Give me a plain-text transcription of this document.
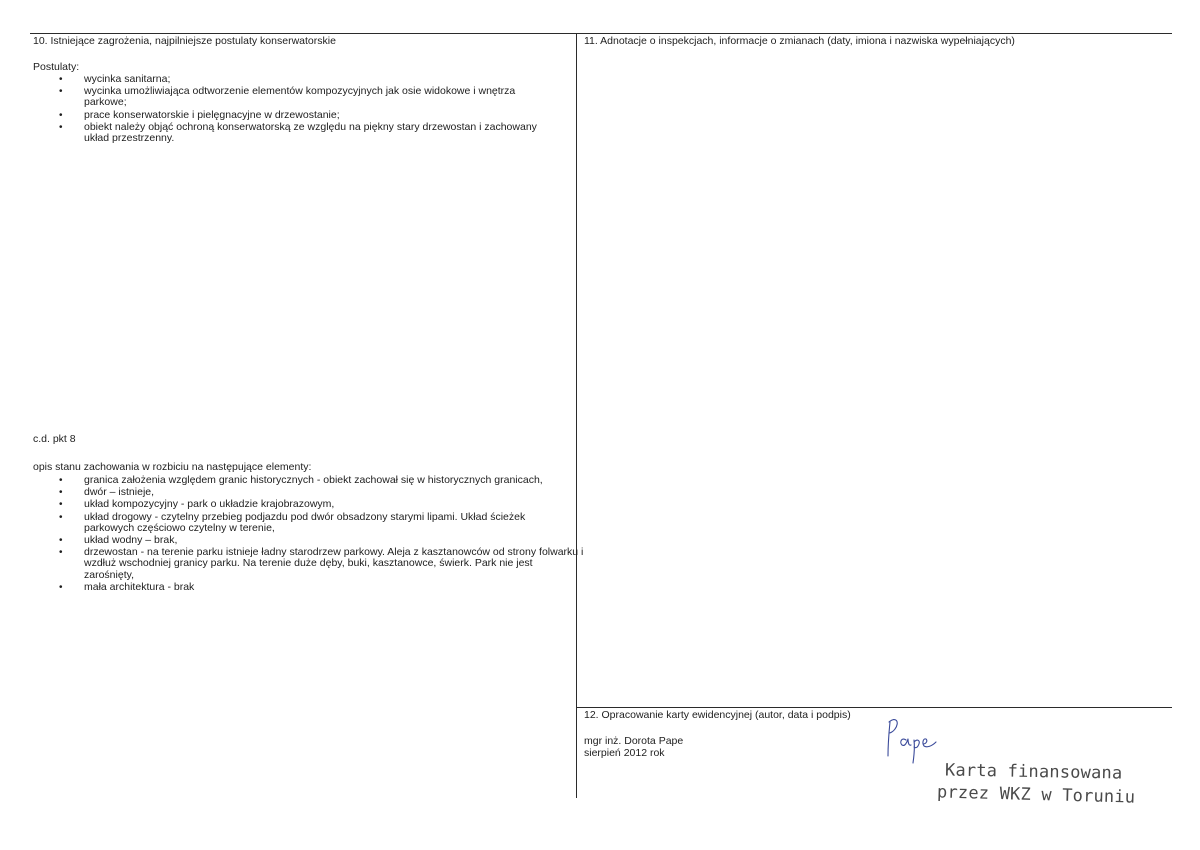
10. Istniejące zagrożenia, najpilniejsze postulaty konserwatorskie
Postulaty:
• wycinka sanitarna;
• wycinka umożliwiająca odtworzenie elementów kompozycyjnych jak osie widokowe i wnętrza parkowe;
• prace konserwatorskie i pielęgnacyjne w drzewostanie;
• obiekt należy objąć ochroną konserwatorską ze względu na piękny stary drzewostan i zachowany układ przestrzenny.
c.d. pkt 8
opis stanu zachowania w rozbiciu na następujące elementy:
• granica założenia względem granic historycznych - obiekt zachował się w historycznych granicach,
• dwór – istnieje,
• układ kompozycyjny - park o układzie krajobrazowym,
• układ drogowy - czytelny przebieg podjazdu pod dwór obsadzony starymi lipami. Układ ścieżek parkowych częściowo czytelny w terenie,
• układ wodny – brak,
• drzewostan - na terenie parku istnieje ładny starodrzew parkowy. Aleja z kasztanowców od strony folwarku i wzdłuż wschodniej granicy parku. Na terenie duże dęby, buki, kasztanowce, świerk. Park nie jest zarośnięty,
• mała architektura - brak
11. Adnotacje o inspekcjach, informacje o zmianach (daty, imiona i nazwiska wypełniających)
12. Opracowanie karty ewidencyjnej (autor, data i podpis)
mgr inż. Dorota Pape
sierpień 2012 rok
Karta finansowana
przez WKZ w Toruniu
